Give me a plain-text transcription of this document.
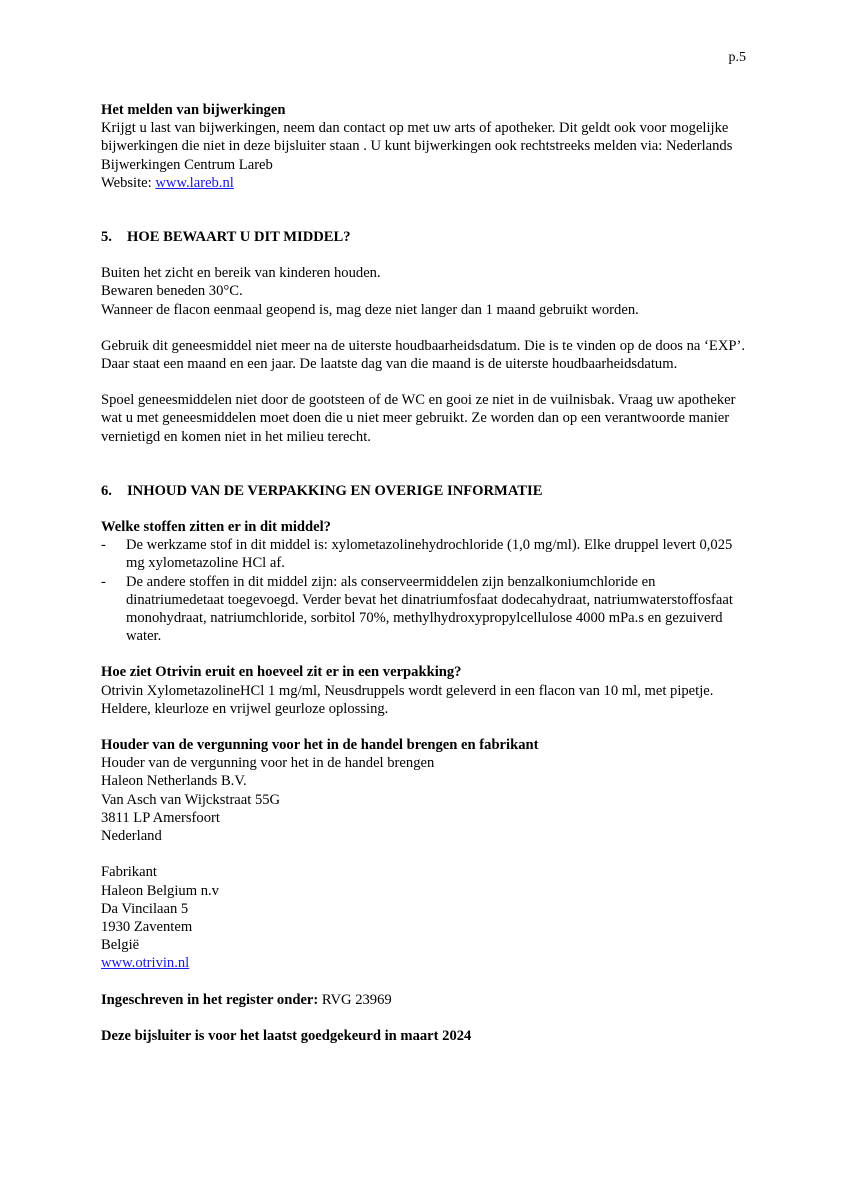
p.5

Het melden van bijwerkingen

Krijgt u last van bijwerkingen, neem dan contact op met uw arts of apotheker. Dit geldt ook voor mogelijke bijwerkingen die niet in deze bijsluiter staan . U kunt bijwerkingen ook rechtstreeks melden via: Nederlands Bijwerkingen Centrum Lareb

Website: www.lareb.nl

5. HOE BEWAART U DIT MIDDEL?

Buiten het zicht en bereik van kinderen houden.

Bewaren beneden 30°C.

Wanneer de flacon eenmaal geopend is, mag deze niet langer dan 1 maand gebruikt worden.

Gebruik dit geneesmiddel niet meer na de uiterste houdbaarheidsdatum. Die is te vinden op de doos na ‘EXP’. Daar staat een maand en een jaar. De laatste dag van die maand is de uiterste houdbaarheidsdatum.

Spoel geneesmiddelen niet door de gootsteen of de WC en gooi ze niet in de vuilnisbak. Vraag uw apotheker wat u met geneesmiddelen moet doen die u niet meer gebruikt. Ze worden dan op een verantwoorde manier vernietigd en komen niet in het milieu terecht.

6. INHOUD VAN DE VERPAKKING EN OVERIGE INFORMATIE

Welke stoffen zitten er in dit middel?

- De werkzame stof in dit middel is: xylometazolinehydrochloride (1,0 mg/ml). Elke druppel levert 0,025 mg xylometazoline HCl af.
- De andere stoffen in dit middel zijn: als conserveermiddelen zijn benzalkoniumchloride en dinatriumedetaat toegevoegd. Verder bevat het dinatriumfosfaat dodecahydraat, natriumwaterstoffosfaat monohydraat, natriumchloride, sorbitol 70%, methylhydroxypropylcellulose 4000 mPa.s en gezuiverd water.

Hoe ziet Otrivin eruit en hoeveel zit er in een verpakking?

Otrivin XylometazolineHCl 1 mg/ml, Neusdruppels wordt geleverd in een flacon van 10 ml, met pipetje.

Heldere, kleurloze en vrijwel geurloze oplossing.

Houder van de vergunning voor het in de handel brengen en fabrikant

Houder van de vergunning voor het in de handel brengen

Haleon Netherlands B.V.

Van Asch van Wijckstraat 55G

3811 LP Amersfoort

Nederland

Fabrikant

Haleon Belgium n.v

Da Vincilaan 5

1930 Zaventem

België

www.otrivin.nl

Ingeschreven in het register onder: RVG 23969

Deze bijsluiter is voor het laatst goedgekeurd in maart 2024
